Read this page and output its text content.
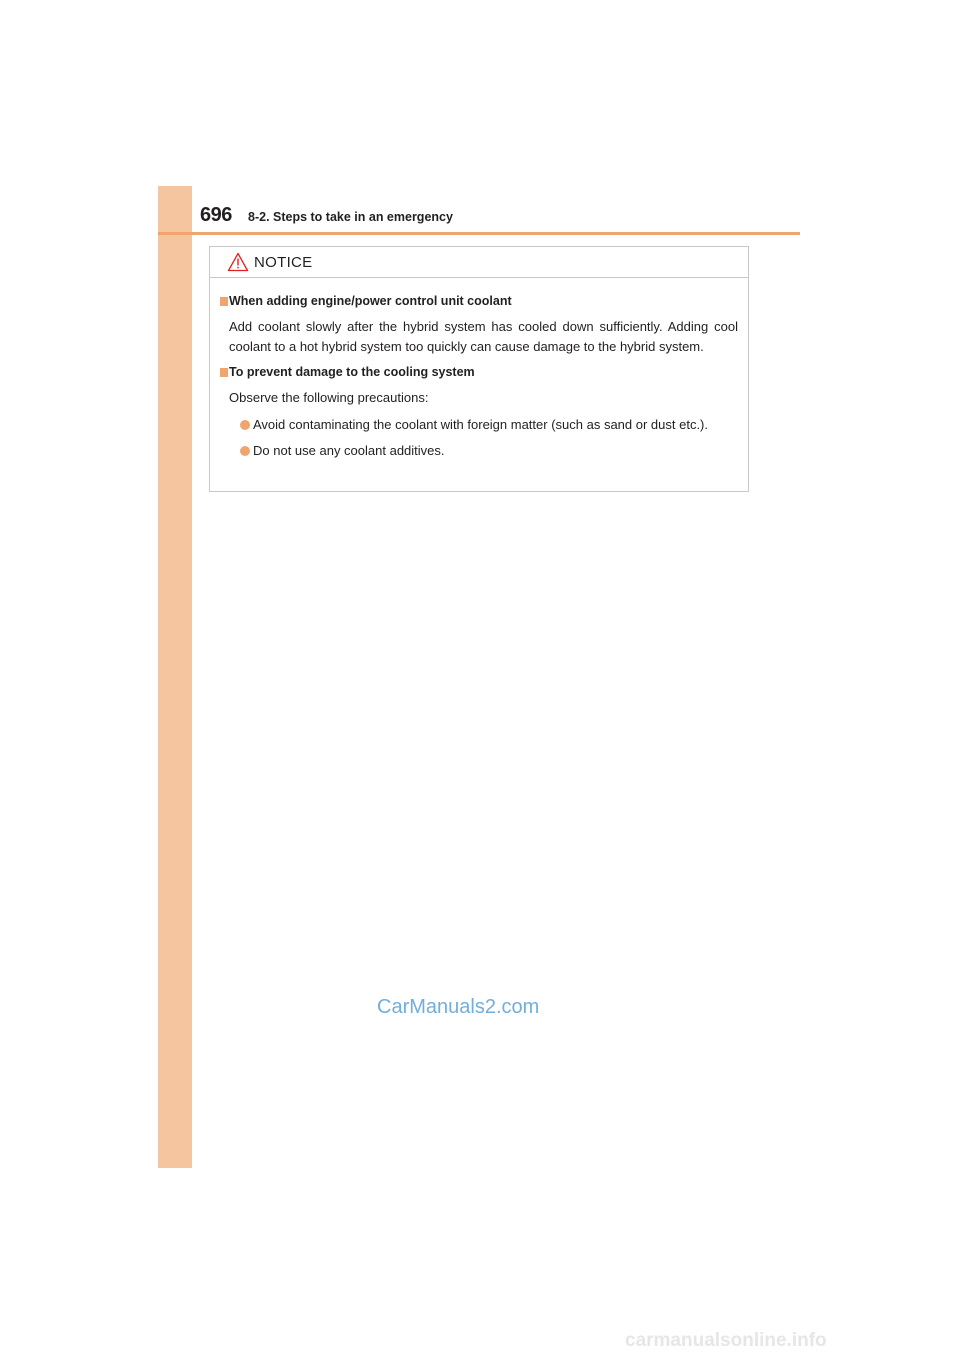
696 8-2. Steps to take in an emergency
NOTICE
When adding engine/power control unit coolant
Add coolant slowly after the hybrid system has cooled down sufficiently. Adding cool coolant to a hot hybrid system too quickly can cause damage to the hybrid system.
To prevent damage to the cooling system
Observe the following precautions:
Avoid contaminating the coolant with foreign matter (such as sand or dust etc.).
Do not use any coolant additives.
CarManuals2.com
carmanualsonline.info
